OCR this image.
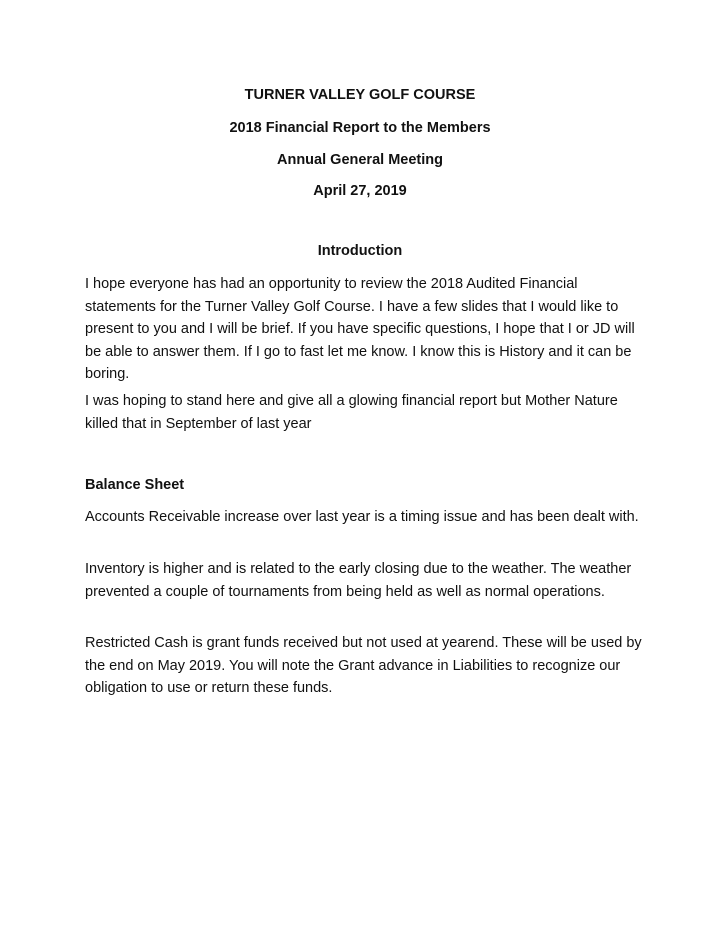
TURNER VALLEY GOLF COURSE
2018 Financial Report to the Members
Annual General Meeting
April 27, 2019
Introduction

I hope everyone has had an opportunity to review the 2018 Audited Financial statements for the Turner Valley Golf Course. I have a few slides that I would like to present to you and I will be brief. If you have specific questions, I hope that I or JD will be able to answer them. If I go to fast let me know. I know this is History and it can be boring.

I was hoping to stand here and give all a glowing financial report but Mother Nature killed that in September of last year

Balance Sheet

Accounts Receivable increase over last year is a timing issue and has been dealt with.

Inventory is higher and is related to the early closing due to the weather. The weather prevented a couple of tournaments from being held as well as normal operations.

Restricted Cash is grant funds received but not used at yearend. These will be used by the end on May 2019. You will note the Grant advance in Liabilities to recognize our obligation to use or return these funds.
